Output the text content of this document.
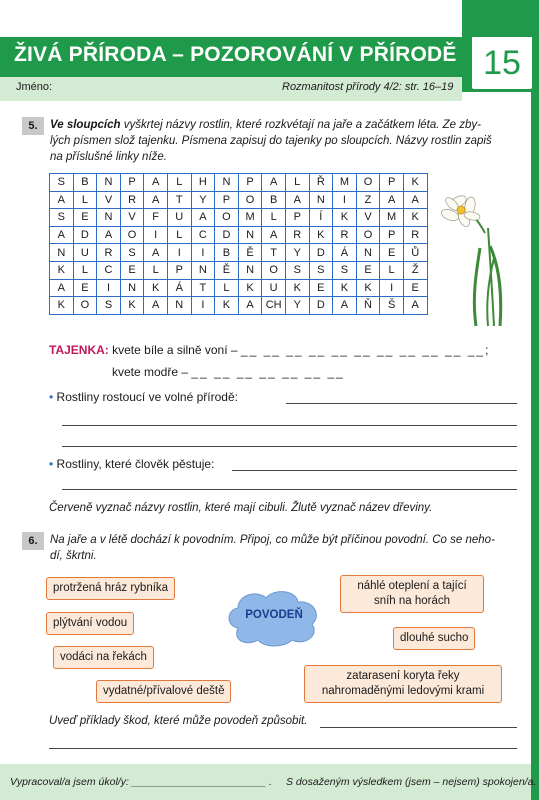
ŽIVÁ PŘÍRODA – POZOROVÁNÍ V PŘÍRODĚ 15
Jméno:	Rozmanitost přírody 4/2: str. 16–19
5.	Ve sloupcích vyškrtej názvy rostlin, které rozkvétají na jaře a začátkem léta. Ze zby-
lých písmen slož tajenku. Písmena zapisuj do tajenky po sloupcích. Názvy rostlin zapiš
na příslušné linky níže.
S	B	N	P	A	L	H	N	P	A	L	Ř	M	O	P	K
A	L	V	R	A	T	Y	P	O	B	A	N	I	Z	A	A
S	E	N	V	F	U	A	O	M	L	P	Í	K	V	M	K
A	D	A	O	I	L	C	D	N	A	R	K	R	O	P	R
N	U	R	S	A	I	I	B	Ě	T	Y	D	Á	N	E	Ů
K	L	C	E	L	P	N	Ě	N	O	S	S	S	E	L	Ž
A	E	I	N	K	Á	T	L	K	U	K	E	K	K	I	E
K	O	S	K	A	N	I	K	A	CH	Y	D	A	Ň	Š	A
TAJENKA: kvete bíle a silně voní – __ __ __ __ __ __ __ __ __ __ __;
kvete modře – __ __ __ __ __ __ __
• Rostliny rostoucí ve volné přírodě:
• Rostliny, které člověk pěstuje:
Červeně vyznač názvy rostlin, které mají cibuli. Žlutě vyznač název dřeviny.
6.	Na jaře a v létě dochází k povodním. Připoj, co může být příčinou povodní. Co se neho-
dí, škrtni.
POVODEŇ
protržená hráz rybníka
plýtvání vodou
vodáci na řekách
vydatné/přívalové deště
náhlé oteplení a tající
sníh na horách
dlouhé sucho
zatarasení koryta řeky
nahromaděnými ledovými krami
Uveď příklady škod, které může povodeň způsobit.
Vypracoval/a jsem úkol/y: _______________________ . S dosaženým výsledkem (jsem – nejsem) spokojen/a.
